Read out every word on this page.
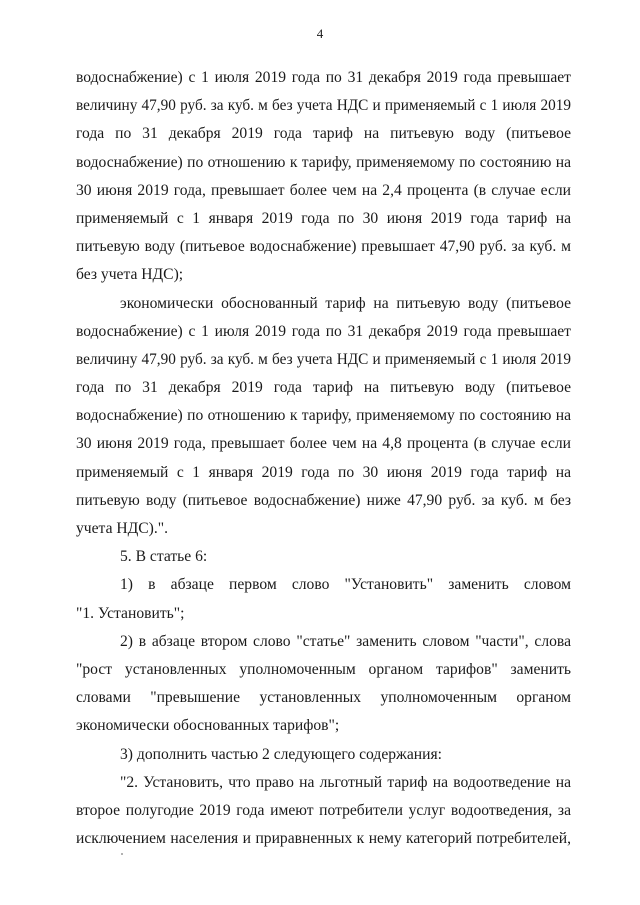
4
водоснабжение) с 1 июля 2019 года по 31 декабря 2019 года превышает
величину 47,90 руб. за куб. м без учета НДС и применяемый с 1 июля 2019
года по 31 декабря 2019 года тариф на питьевую воду (питьевое
водоснабжение) по отношению к тарифу, применяемому по состоянию на
30 июня 2019 года, превышает более чем на 2,4 процента (в случае если
применяемый с 1 января 2019 года по 30 июня 2019 года тариф на
питьевую воду (питьевое водоснабжение) превышает 47,90 руб. за куб. м
без учета НДС);
экономически обоснованный тариф на питьевую воду (питьевое
водоснабжение) с 1 июля 2019 года по 31 декабря 2019 года превышает
величину 47,90 руб. за куб. м без учета НДС и применяемый с 1 июля 2019
года по 31 декабря 2019 года тариф на питьевую воду (питьевое
водоснабжение) по отношению к тарифу, применяемому по состоянию на
30 июня 2019 года, превышает более чем на 4,8 процента (в случае если
применяемый с 1 января 2019 года по 30 июня 2019 года тариф на
питьевую воду (питьевое водоснабжение) ниже 47,90 руб. за куб. м без
учета НДС).".
5. В статье 6:
1) в абзаце первом слово "Установить" заменить словом
"1. Установить";
2) в абзаце втором слово "статье" заменить словом "части", слова
"рост установленных уполномоченным органом тарифов" заменить
словами "превышение установленных уполномоченным органом
экономически обоснованных тарифов";
3) дополнить частью 2 следующего содержания:
"2. Установить, что право на льготный тариф на водоотведение на
второе полугодие 2019 года имеют потребители услуг водоотведения, за
исключением населения и приравненных к нему категорий потребителей,
